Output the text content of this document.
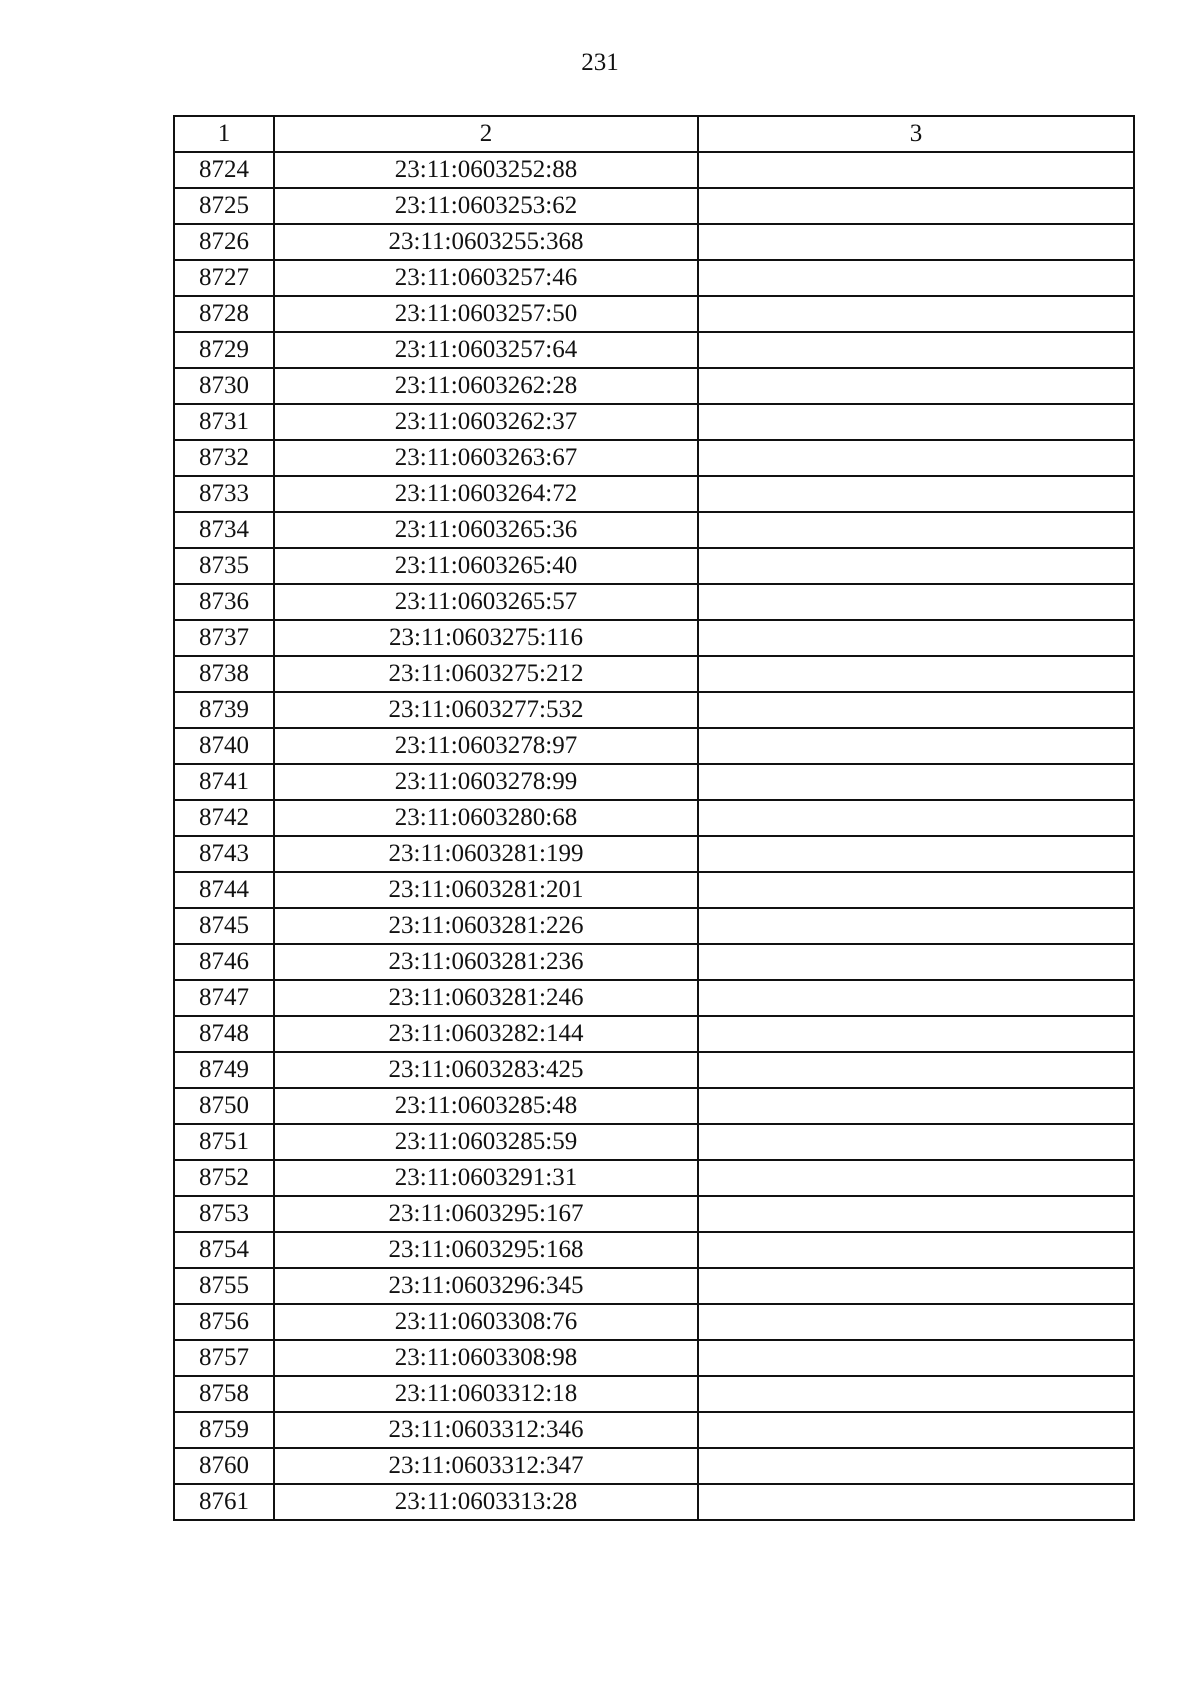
231
1	2	3
8724	23:11:0603252:88	
8725	23:11:0603253:62	
8726	23:11:0603255:368	
8727	23:11:0603257:46	
8728	23:11:0603257:50	
8729	23:11:0603257:64	
8730	23:11:0603262:28	
8731	23:11:0603262:37	
8732	23:11:0603263:67	
8733	23:11:0603264:72	
8734	23:11:0603265:36	
8735	23:11:0603265:40	
8736	23:11:0603265:57	
8737	23:11:0603275:116	
8738	23:11:0603275:212	
8739	23:11:0603277:532	
8740	23:11:0603278:97	
8741	23:11:0603278:99	
8742	23:11:0603280:68	
8743	23:11:0603281:199	
8744	23:11:0603281:201	
8745	23:11:0603281:226	
8746	23:11:0603281:236	
8747	23:11:0603281:246	
8748	23:11:0603282:144	
8749	23:11:0603283:425	
8750	23:11:0603285:48	
8751	23:11:0603285:59	
8752	23:11:0603291:31	
8753	23:11:0603295:167	
8754	23:11:0603295:168	
8755	23:11:0603296:345	
8756	23:11:0603308:76	
8757	23:11:0603308:98	
8758	23:11:0603312:18	
8759	23:11:0603312:346	
8760	23:11:0603312:347	
8761	23:11:0603313:28	
